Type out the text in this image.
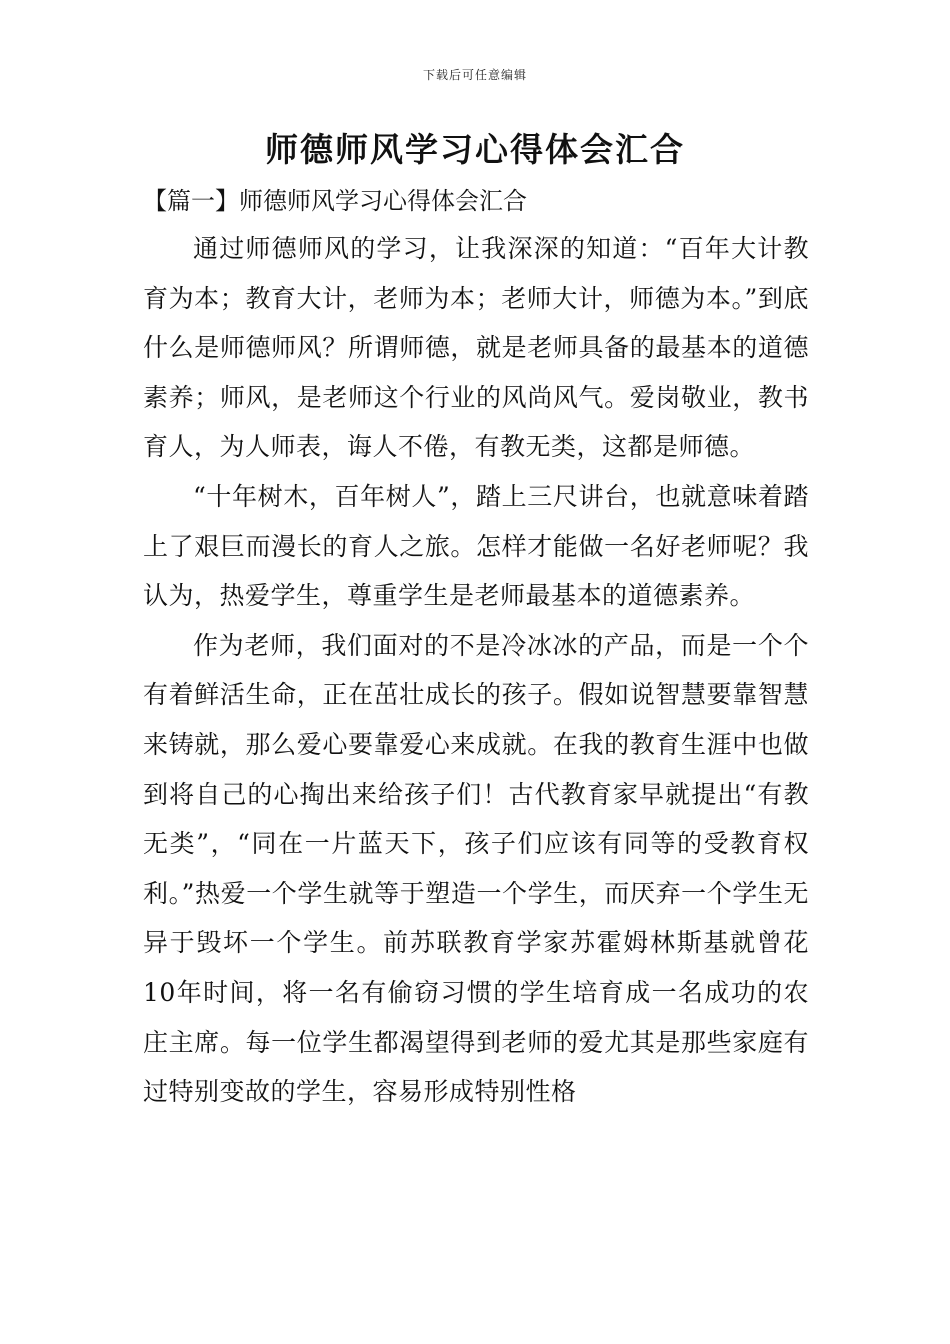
下载后可任意编辑
师德师风学习心得体会汇合
【篇一】师德师风学习心得体会汇合

通过师德师风的学习，让我深深的知道：“百年大计教育为本；教育大计，老师为本；老师大计，师德为本。”到底什么是师德师风？所谓师德，就是老师具备的最基本的道德素养；师风，是老师这个行业的风尚风气。爱岗敬业，教书育人，为人师表，诲人不倦，有教无类，这都是师德。

“十年树木，百年树人”，踏上三尺讲台，也就意味着踏上了艰巨而漫长的育人之旅。怎样才能做一名好老师呢？我认为，热爱学生，尊重学生是老师最基本的道德素养。

作为老师，我们面对的不是冷冰冰的产品，而是一个个有着鲜活生命，正在茁壮成长的孩子。假如说智慧要靠智慧来铸就，那么爱心要靠爱心来成就。在我的教育生涯中也做到将自己的心掏出来给孩子们！古代教育家早就提出“有教无类”，“同在一片蓝天下，孩子们应该有同等的受教育权利。”热爱一个学生就等于塑造一个学生，而厌弃一个学生无异于毁坏一个学生。前苏联教育学家苏霍姆林斯基就曾花10年时间，将一名有偷窃习惯的学生培育成一名成功的农庄主席。每一位学生都渴望得到老师的爱尤其是那些家庭有过特别变故的学生，容易形成特别性格
